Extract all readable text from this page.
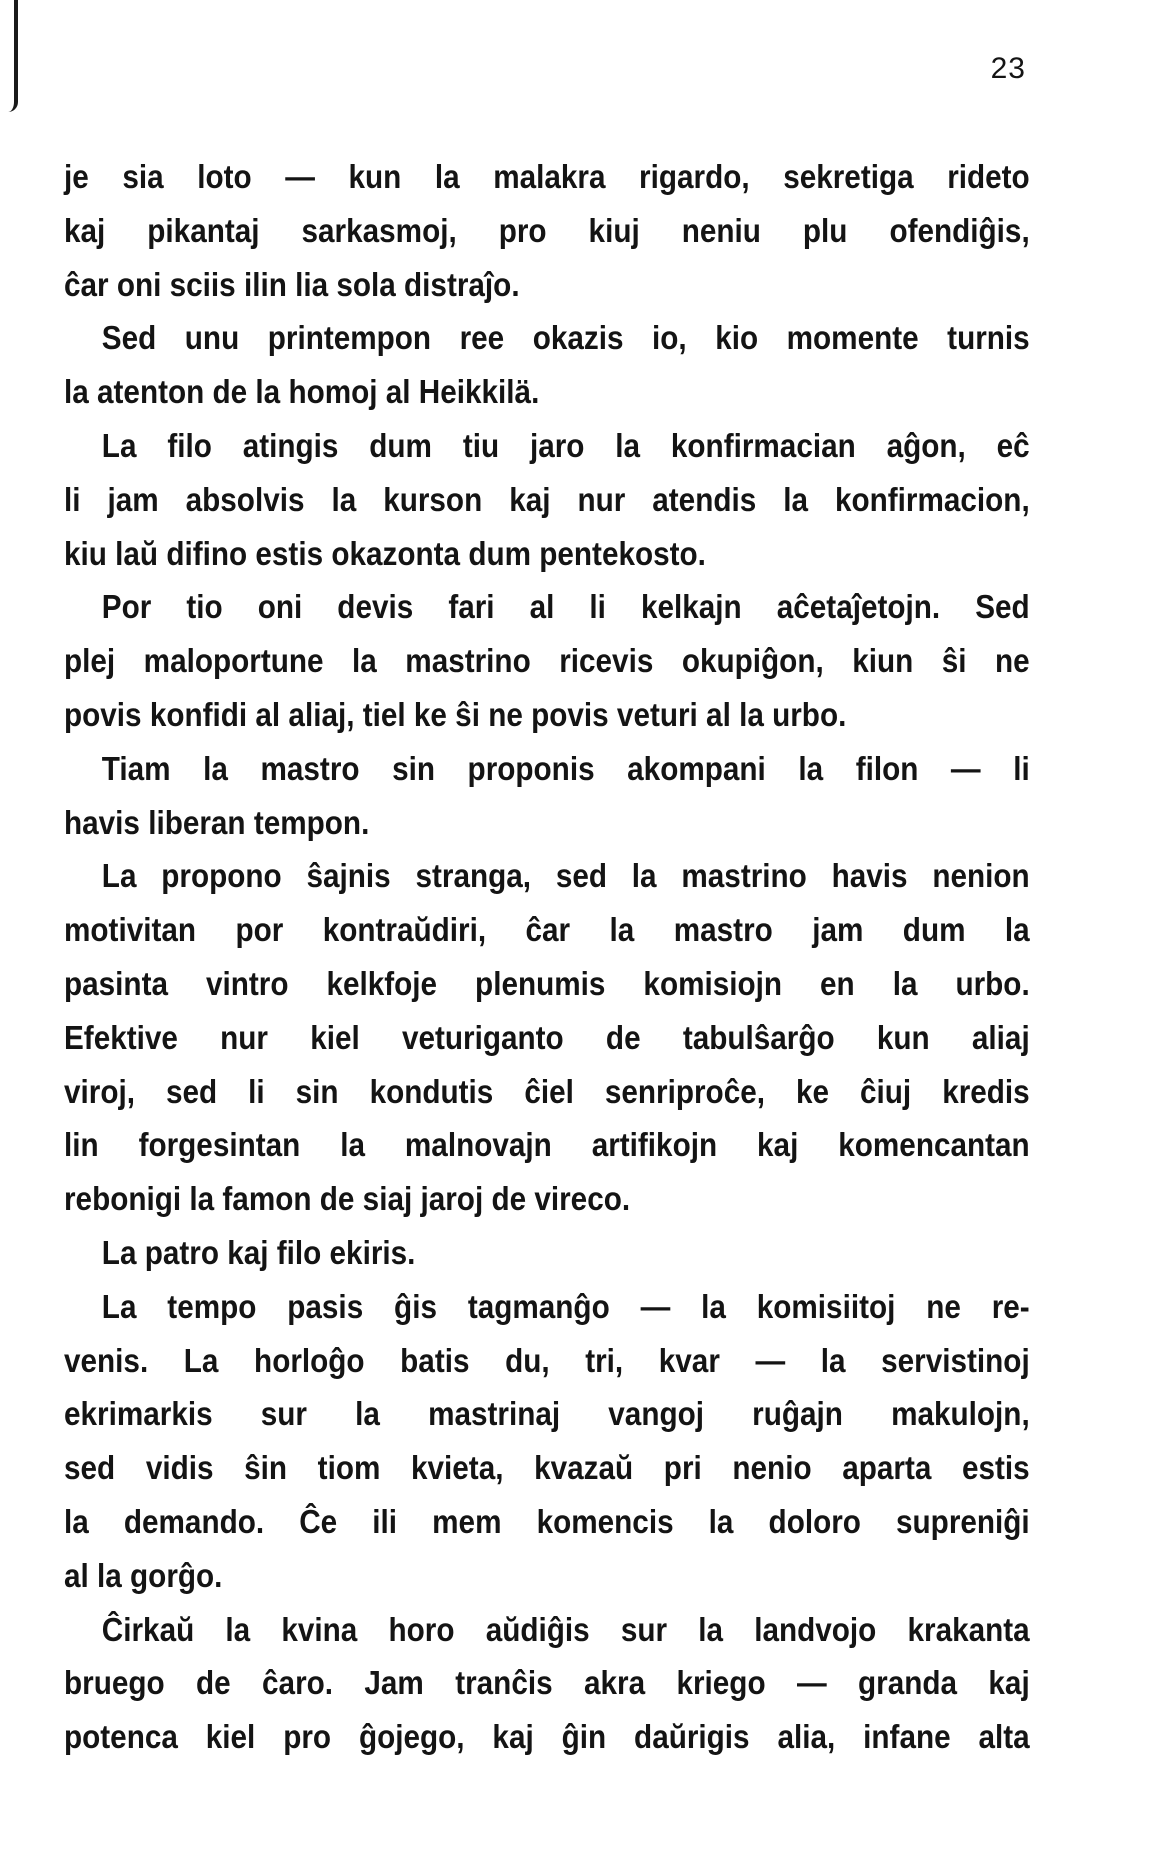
23
je sia loto — kun la malakra rigardo, sekretiga rideto
kaj pikantaj sarkasmoj, pro kiuj neniu plu ofendiĝis,
ĉar oni sciis ilin lia sola distraĵo.
Sed unu printempon ree okazis io, kio momente turnis
la atenton de la homoj al Heikkilä.
La filo atingis dum tiu jaro la konfirmacian aĝon, eĉ
li jam absolvis la kurson kaj nur atendis la konfirmacion,
kiu laŭ difino estis okazonta dum pentekosto.
Por tio oni devis fari al li kelkajn aĉetaĵetojn. Sed
plej maloportune la mastrino ricevis okupiĝon, kiun ŝi ne
povis konfidi al aliaj, tiel ke ŝi ne povis veturi al la urbo.
Tiam la mastro sin proponis akompani la filon — li
havis liberan tempon.
La propono ŝajnis stranga, sed la mastrino havis nenion
motivitan por kontraŭdiri, ĉar la mastro jam dum la
pasinta vintro kelkfoje plenumis komisiojn en la urbo.
Efektive nur kiel veturiganto de tabulŝarĝo kun aliaj
viroj, sed li sin kondutis ĉiel senriproĉe, ke ĉiuj kredis
lin forgesintan la malnovajn artifikojn kaj komencantan
rebonigi la famon de siaj jaroj de vireco.
La patro kaj filo ekiris.
La tempo pasis ĝis tagmanĝo — la komisiitoj ne re-
venis. La horloĝo batis du, tri, kvar — la servistinoj
ekrimarkis sur la mastrinaj vangoj ruĝajn makulojn,
sed vidis ŝin tiom kvieta, kvazaŭ pri nenio aparta estis
la demando. Ĉe ili mem komencis la doloro supreniĝi
al la gorĝo.
Ĉirkaŭ la kvina horo aŭdiĝis sur la landvojo krakanta
bruego de ĉaro. Jam tranĉis akra kriego — granda kaj
potenca kiel pro ĝojego, kaj ĝin daŭrigis alia, infane alta
